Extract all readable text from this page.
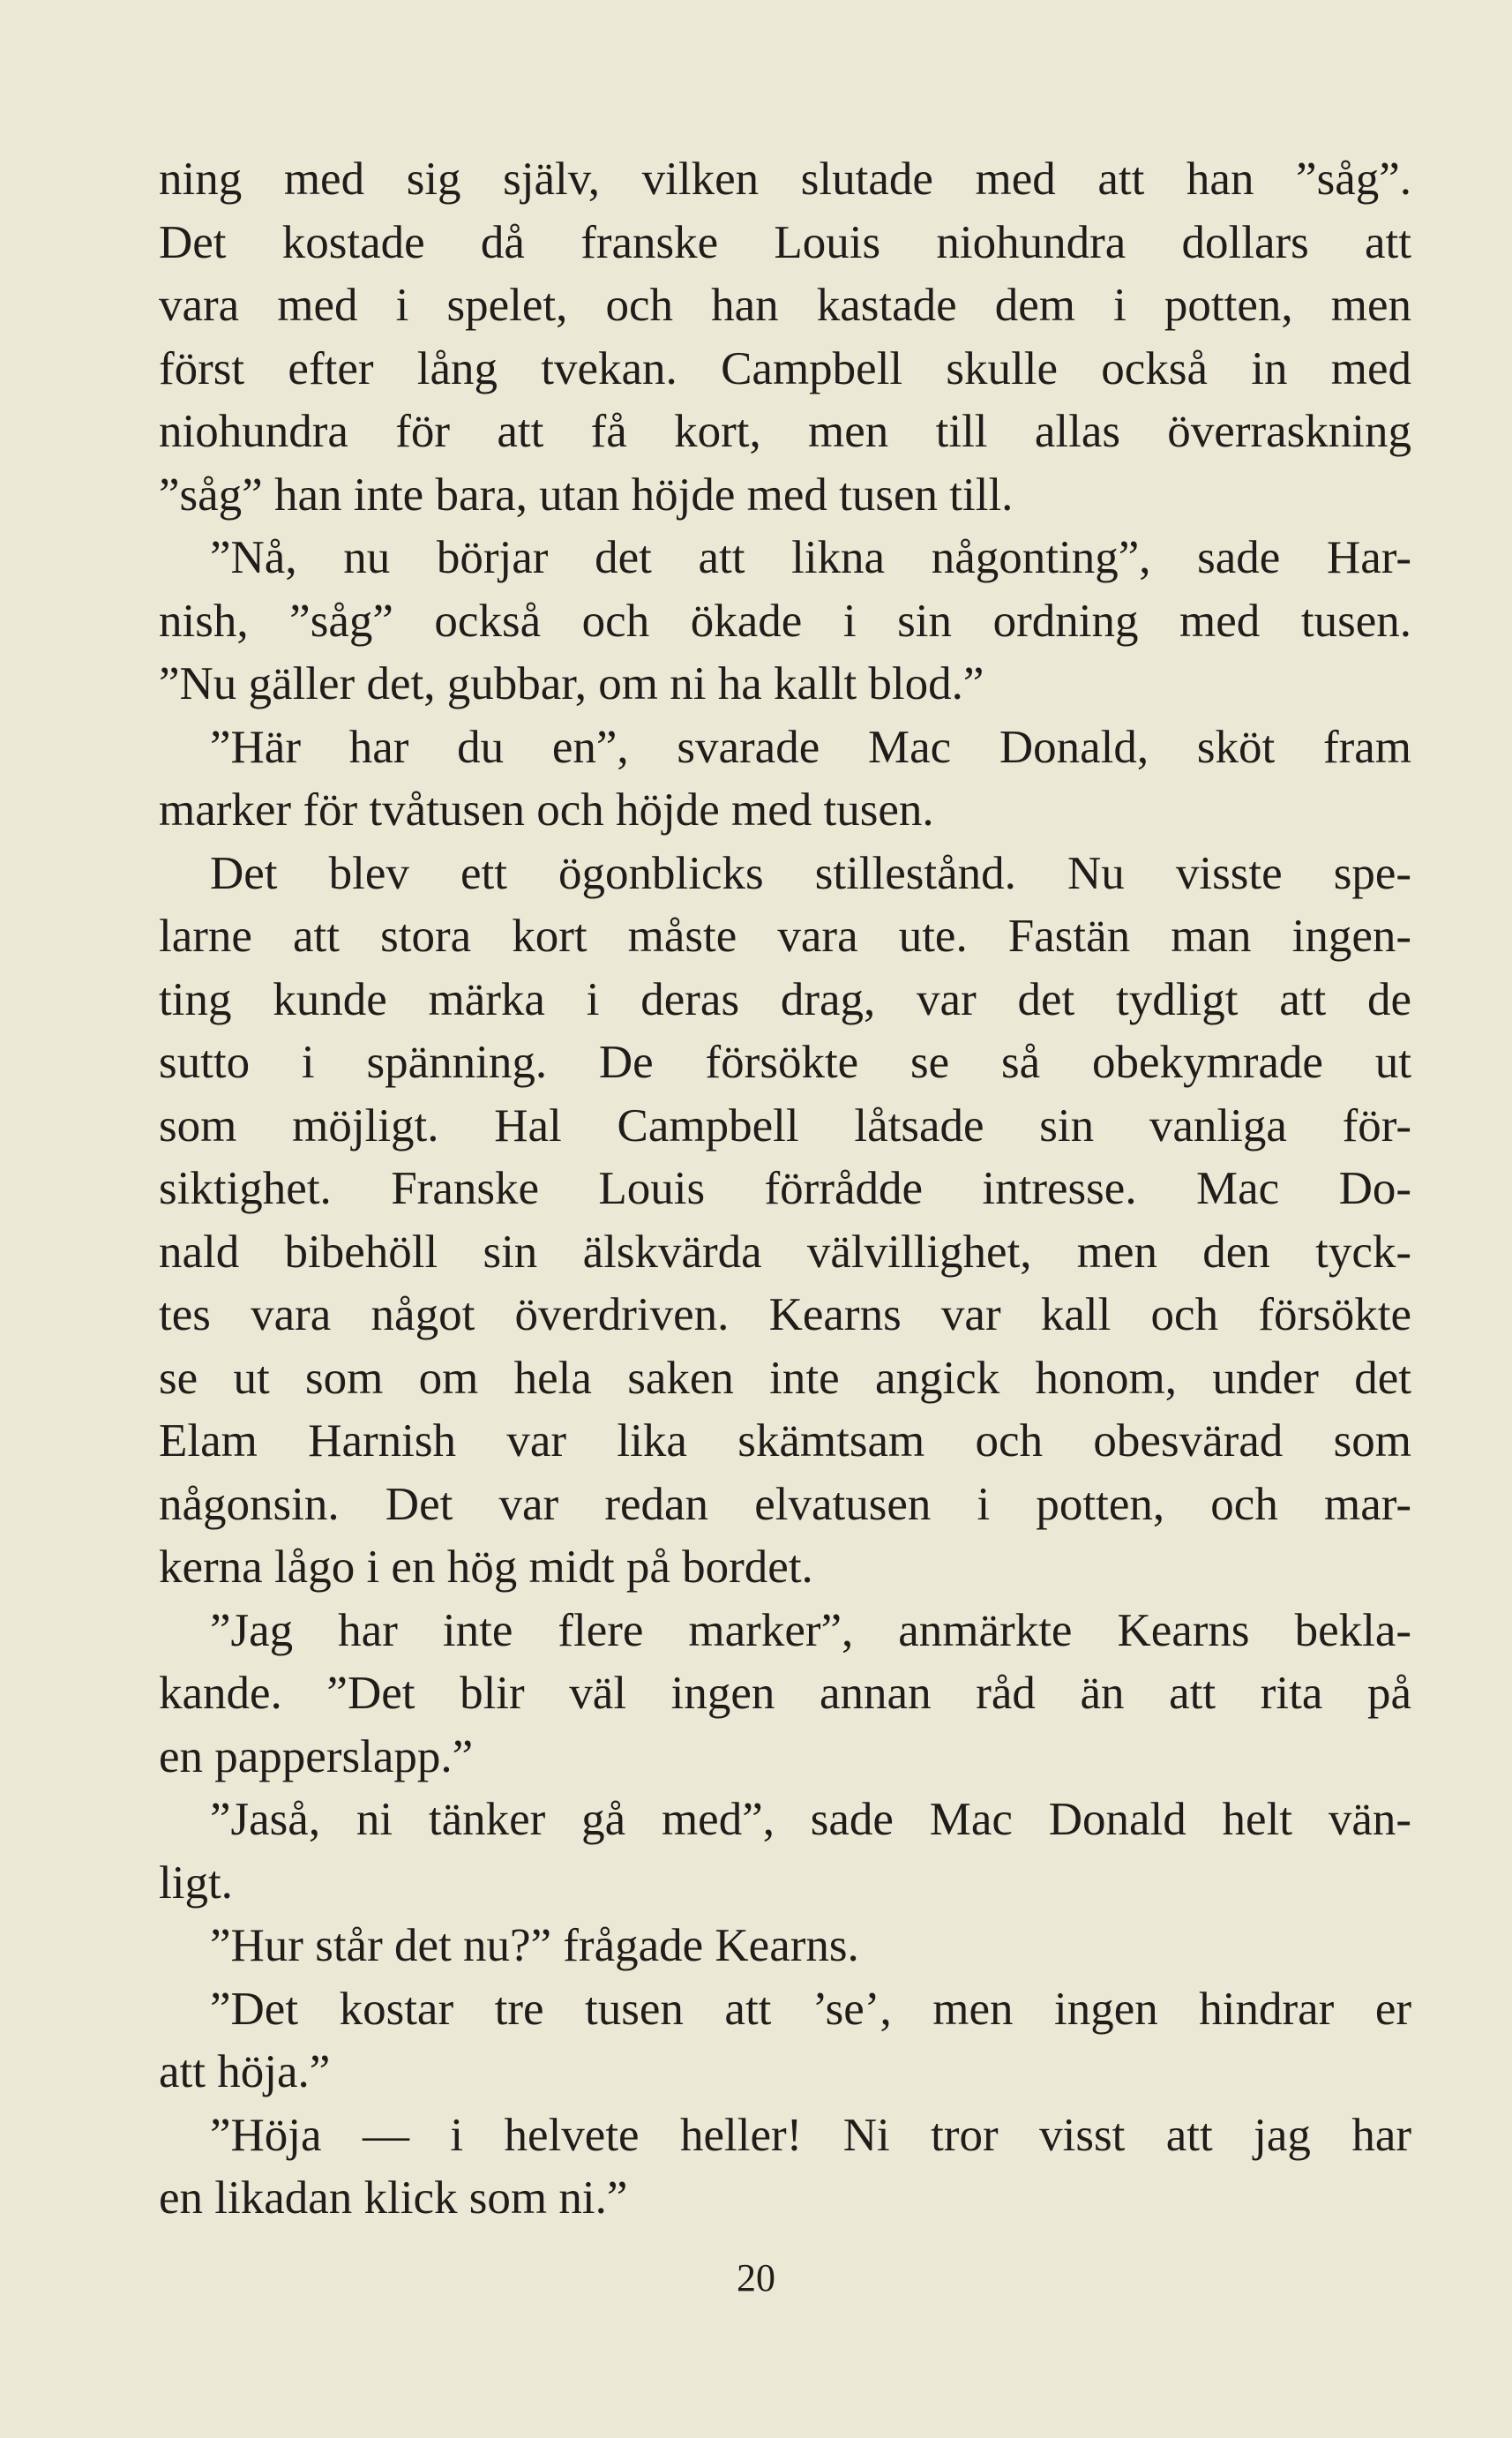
ning med sig själv, vilken slutade med att han ”såg”.
Det kostade då franske Louis niohundra dollars att
vara med i spelet, och han kastade dem i potten, men
först efter lång tvekan. Campbell skulle också in med
niohundra för att få kort, men till allas överraskning
”såg” han inte bara, utan höjde med tusen till.
”Nå, nu börjar det att likna någonting”, sade Har-
nish, ”såg” också och ökade i sin ordning med tusen.
”Nu gäller det, gubbar, om ni ha kallt blod.”
”Här har du en”, svarade Mac Donald, sköt fram
marker för tvåtusen och höjde med tusen.
Det blev ett ögonblicks stillestånd. Nu visste spe-
larne att stora kort måste vara ute. Fastän man ingen-
ting kunde märka i deras drag, var det tydligt att de
sutto i spänning. De försökte se så obekymrade ut
som möjligt. Hal Campbell låtsade sin vanliga för-
siktighet. Franske Louis förrådde intresse. Mac Do-
nald bibehöll sin älskvärda välvillighet, men den tyck-
tes vara något överdriven. Kearns var kall och försökte
se ut som om hela saken inte angick honom, under det
Elam Harnish var lika skämtsam och obesvärad som
någonsin. Det var redan elvatusen i potten, och mar-
kerna lågo i en hög midt på bordet.
”Jag har inte flere marker”, anmärkte Kearns bekla-
kande. ”Det blir väl ingen annan råd än att rita på
en papperslapp.”
”Jaså, ni tänker gå med”, sade Mac Donald helt vän-
ligt.
”Hur står det nu?” frågade Kearns.
”Det kostar tre tusen att ’se’, men ingen hindrar er
att höja.”
”Höja — i helvete heller! Ni tror visst att jag har
en likadan klick som ni.”
20
